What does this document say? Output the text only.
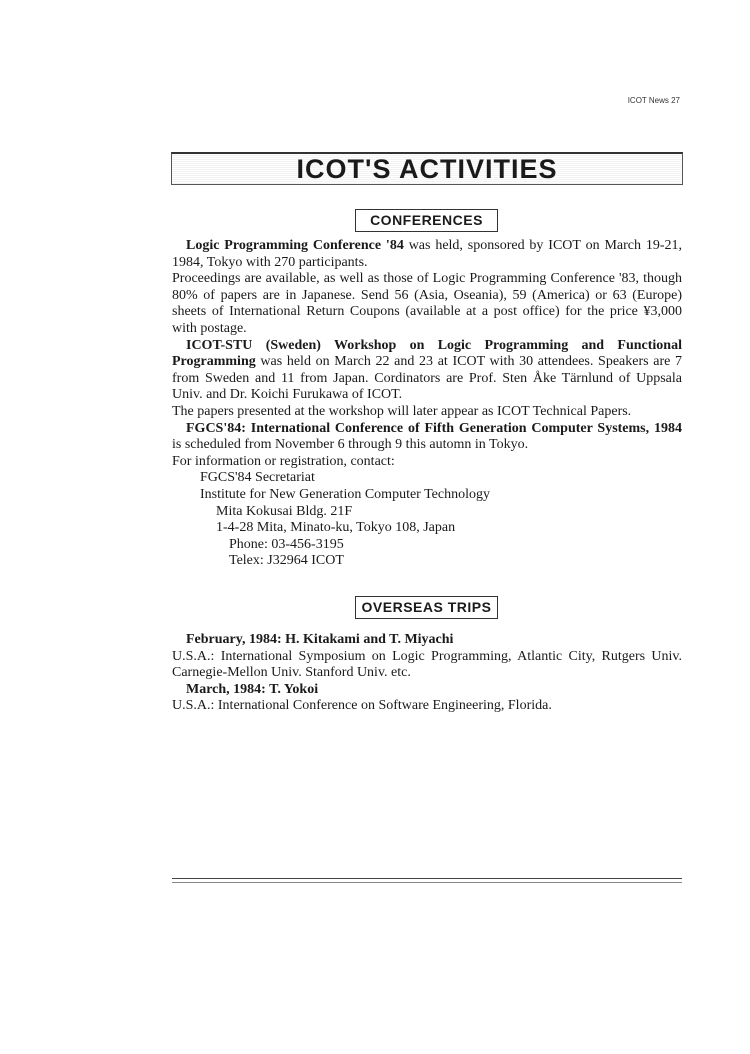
ICOT News 27
ICOT'S ACTIVITIES
CONFERENCES

Logic Programming Conference '84 was held, sponsored by ICOT on March 19-21, 1984, Tokyo with 270 participants.

Proceedings are available, as well as those of Logic Programming Conference '83, though 80% of papers are in Japanese. Send 56 (Asia, Oseania), 59 (America) or 63 (Europe) sheets of International Return Coupons (available at a post office) for the price ¥3,000 with postage.

ICOT-STU (Sweden) Workshop on Logic Programming and Functional Programming was held on March 22 and 23 at ICOT with 30 attendees. Speakers are 7 from Sweden and 11 from Japan. Cordinators are Prof. Sten Åke Tärnlund of Uppsala Univ. and Dr. Koichi Furukawa of ICOT.

The papers presented at the workshop will later appear as ICOT Technical Papers.

FGCS'84: International Conference of Fifth Generation Computer Systems, 1984 is scheduled from November 6 through 9 this automn in Tokyo.

For information or registration, contact:

FGCS'84 Secretariat

Institute for New Generation Computer Technology

Mita Kokusai Bldg. 21F

1-4-28 Mita, Minato-ku, Tokyo 108, Japan

Phone: 03-456-3195

Telex: J32964 ICOT

OVERSEAS TRIPS

February, 1984: H. Kitakami and T. Miyachi

U.S.A.: International Symposium on Logic Programming, Atlantic City, Rutgers Univ. Carnegie-Mellon Univ. Stanford Univ. etc.

March, 1984: T. Yokoi

U.S.A.: International Conference on Software Engineering, Florida.
